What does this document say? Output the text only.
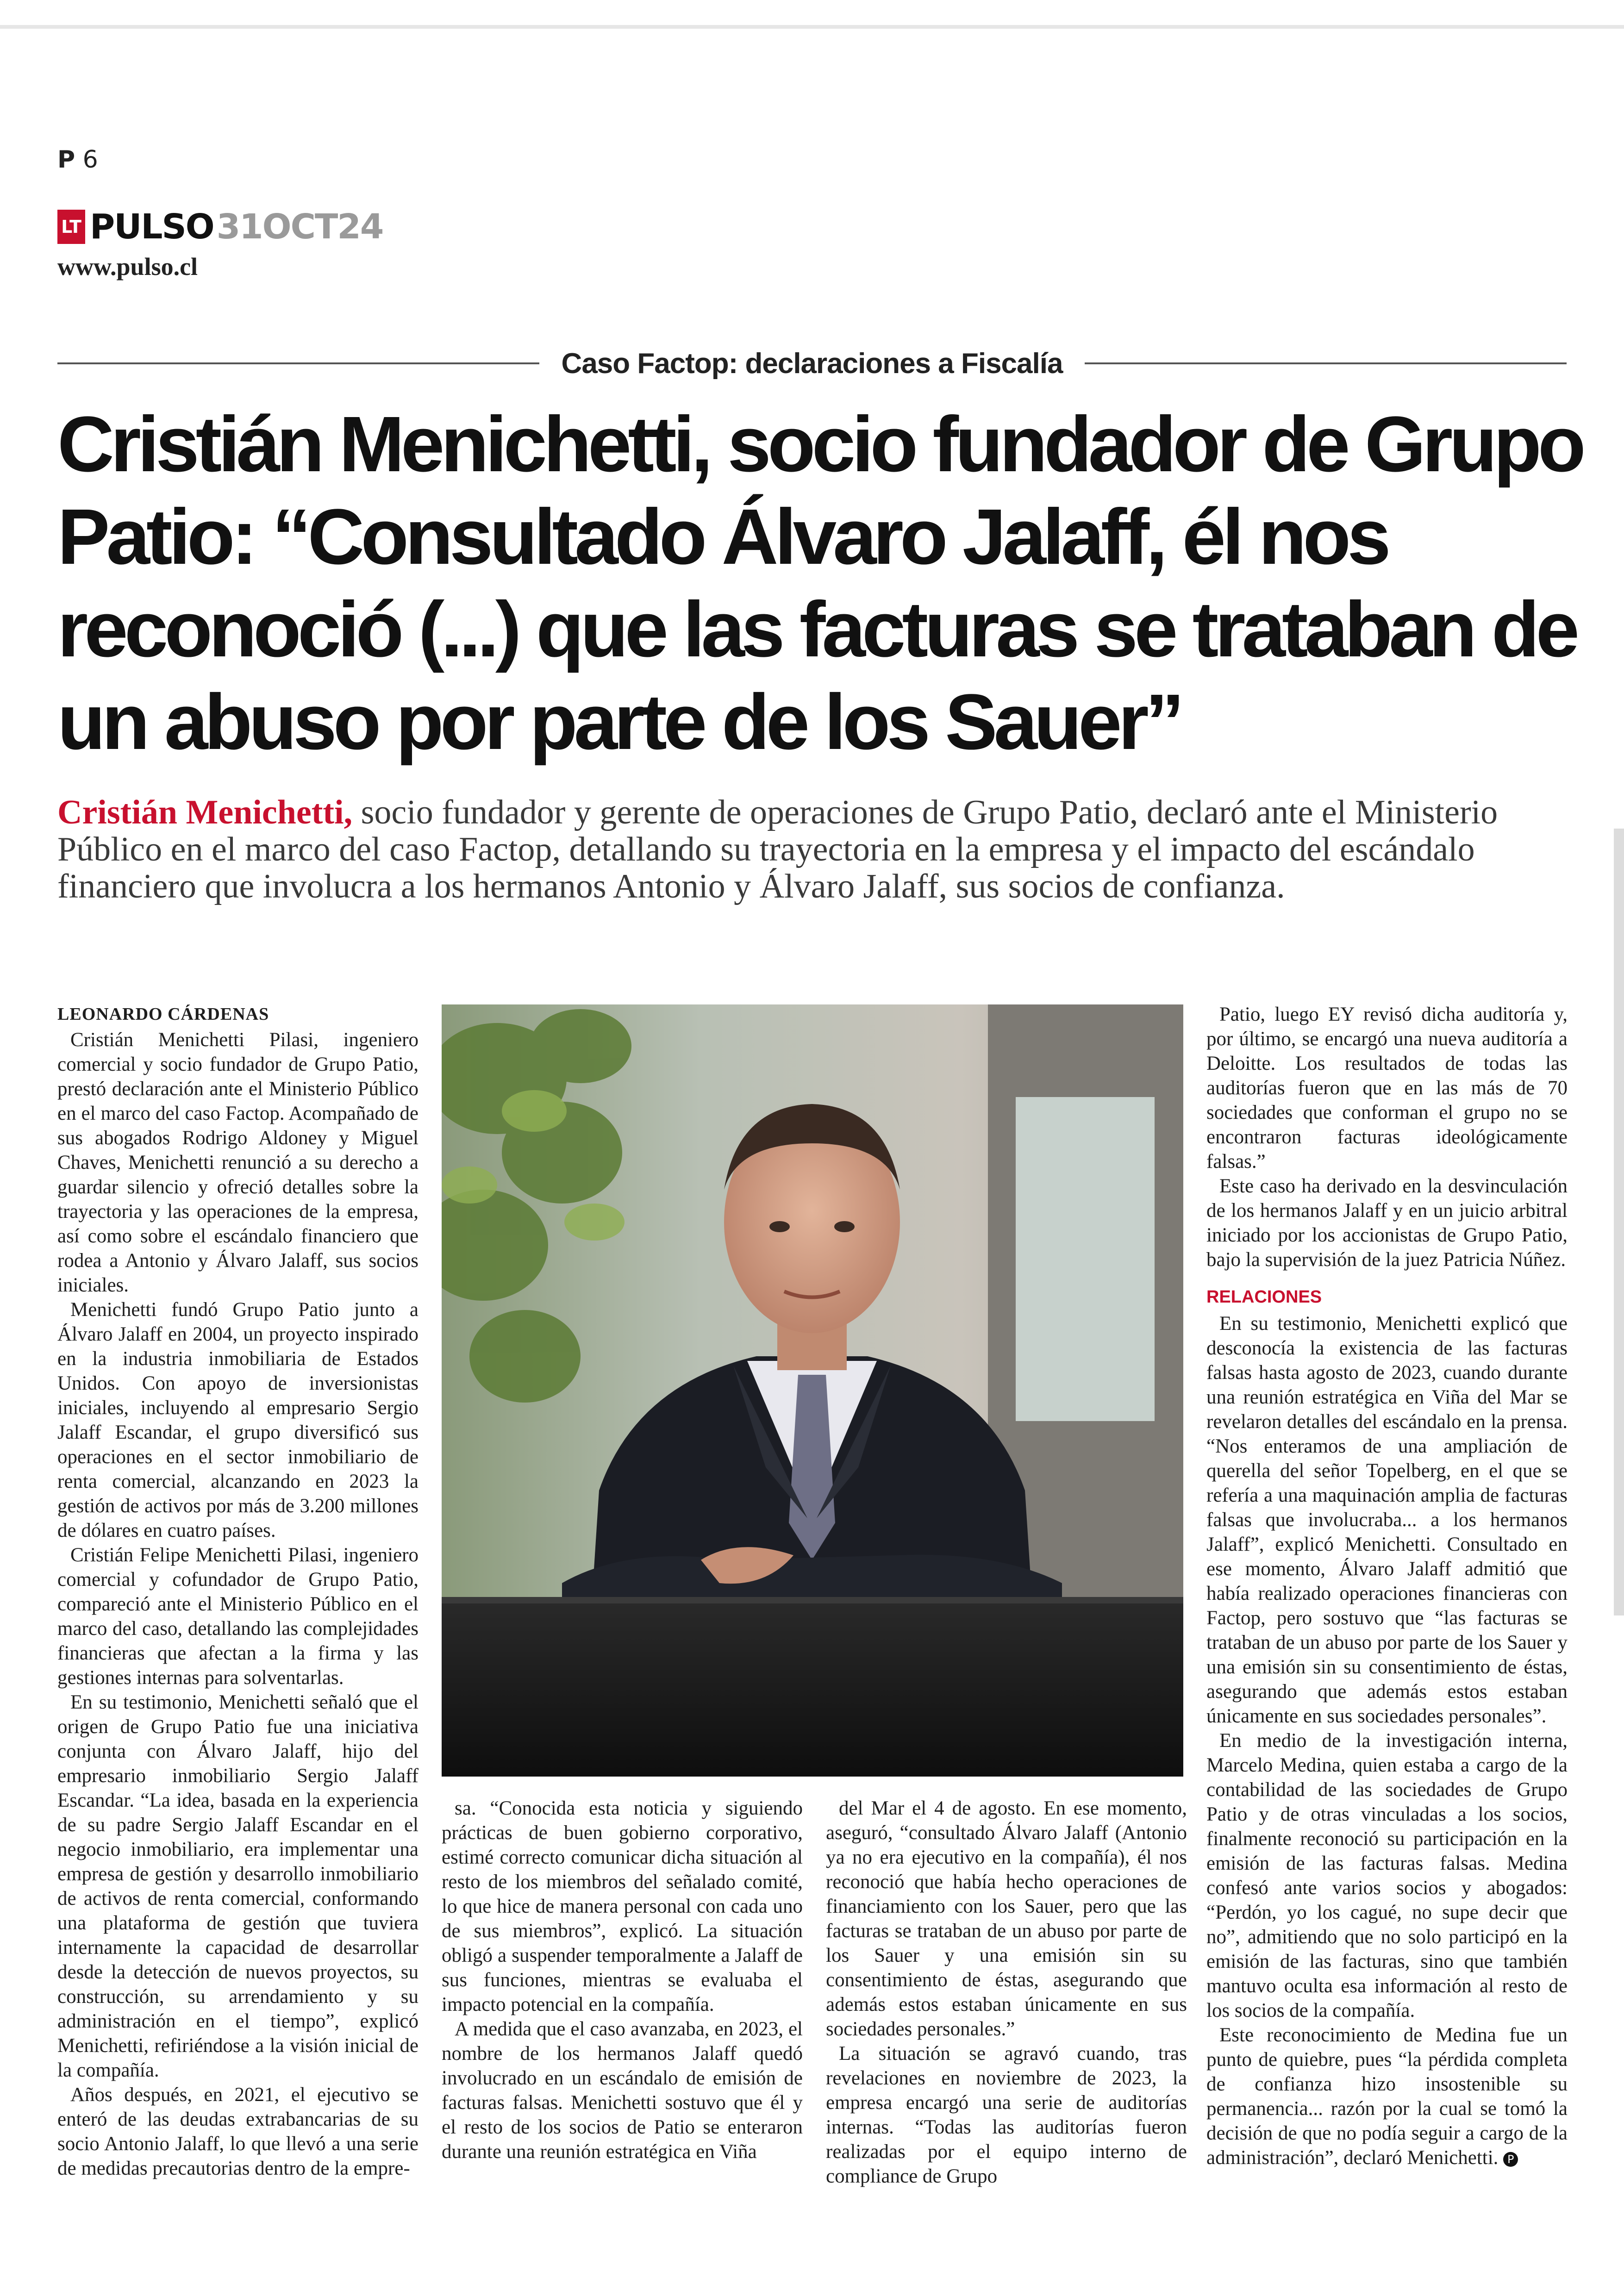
P 6
LT PULSO 31OCT24
www.pulso.cl
Caso Factop: declaraciones a Fiscalía
Cristián Menichetti, socio fundador de Grupo Patio: “Consultado Álvaro Jalaff, él nos reconoció (...) que las facturas se trataban de un abuso por parte de los Sauer”

Cristián Menichetti, socio fundador y gerente de operaciones de Grupo Patio, declaró ante el Ministerio Público en el marco del caso Factop, detallando su trayectoria en la empresa y el impacto del escándalo financiero que involucra a los hermanos Antonio y Álvaro Jalaff, sus socios de confianza.

LEONARDO CÁRDENAS

Cristián Menichetti Pilasi, ingeniero comercial y socio fundador de Grupo Patio, prestó declaración ante el Ministerio Público en el marco del caso Factop. Acompañado de sus abogados Rodrigo Aldoney y Miguel Chaves, Menichetti renunció a su derecho a guardar silencio y ofreció detalles sobre la trayectoria y las operaciones de la empresa, así como sobre el escándalo financiero que rodea a Antonio y Álvaro Jalaff, sus socios iniciales.

Menichetti fundó Grupo Patio junto a Álvaro Jalaff en 2004, un proyecto inspirado en la industria inmobiliaria de Estados Unidos. Con apoyo de inversionistas iniciales, incluyendo al empresario Sergio Jalaff Escandar, el grupo diversificó sus operaciones en el sector inmobiliario de renta comercial, alcanzando en 2023 la gestión de activos por más de 3.200 millones de dólares en cuatro países.

Cristián Felipe Menichetti Pilasi, ingeniero comercial y cofundador de Grupo Patio, compareció ante el Ministerio Público en el marco del caso, detallando las complejidades financieras que afectan a la firma y las gestiones internas para solventarlas.

En su testimonio, Menichetti señaló que el origen de Grupo Patio fue una iniciativa conjunta con Álvaro Jalaff, hijo del empresario inmobiliario Sergio Jalaff Escandar. “La idea, basada en la experiencia de su padre Sergio Jalaff Escandar en el negocio inmobiliario, era implementar una empresa de gestión y desarrollo inmobiliario de activos de renta comercial, conformando una plataforma de gestión que tuviera internamente la capacidad de desarrollar desde la detección de nuevos proyectos, su construcción, su arrendamiento y su administración en el tiempo”, explicó Menichetti, refiriéndose a la visión inicial de la compañía.

Años después, en 2021, el ejecutivo se enteró de las deudas extrabancarias de su socio Antonio Jalaff, lo que llevó a una serie de medidas precautorias dentro de la empre-

sa. “Conocida esta noticia y siguiendo prácticas de buen gobierno corporativo, estimé correcto comunicar dicha situación al resto de los miembros del señalado comité, lo que hice de manera personal con cada uno de sus miembros”, explicó. La situación obligó a suspender temporalmente a Jalaff de sus funciones, mientras se evaluaba el impacto potencial en la compañía.

A medida que el caso avanzaba, en 2023, el nombre de los hermanos Jalaff quedó involucrado en un escándalo de emisión de facturas falsas. Menichetti sostuvo que él y el resto de los socios de Patio se enteraron durante una reunión estratégica en Viña

del Mar el 4 de agosto. En ese momento, aseguró, “consultado Álvaro Jalaff (Antonio ya no era ejecutivo en la compañía), él nos reconoció que había hecho operaciones de financiamiento con los Sauer, pero que las facturas se trataban de un abuso por parte de los Sauer y una emisión sin su consentimiento de éstas, asegurando que además estos estaban únicamente en sus sociedades personales.”

La situación se agravó cuando, tras revelaciones en noviembre de 2023, la empresa encargó una serie de auditorías internas. “Todas las auditorías fueron realizadas por el equipo interno de compliance de Grupo

Patio, luego EY revisó dicha auditoría y, por último, se encargó una nueva auditoría a Deloitte. Los resultados de todas las auditorías fueron que en las más de 70 sociedades que conforman el grupo no se encontraron facturas ideológicamente falsas.”

Este caso ha derivado en la desvinculación de los hermanos Jalaff y en un juicio arbitral iniciado por los accionistas de Grupo Patio, bajo la supervisión de la juez Patricia Núñez.

RELACIONES

En su testimonio, Menichetti explicó que desconocía la existencia de las facturas falsas hasta agosto de 2023, cuando durante una reunión estratégica en Viña del Mar se revelaron detalles del escándalo en la prensa. “Nos enteramos de una ampliación de querella del señor Topelberg, en el que se refería a una maquinación amplia de facturas falsas que involucraba... a los hermanos Jalaff”, explicó Menichetti. Consultado en ese momento, Álvaro Jalaff admitió que había realizado operaciones financieras con Factop, pero sostuvo que “las facturas se trataban de un abuso por parte de los Sauer y una emisión sin su consentimiento de éstas, asegurando que además estos estaban únicamente en sus sociedades personales”.

En medio de la investigación interna, Marcelo Medina, quien estaba a cargo de la contabilidad de las sociedades de Grupo Patio y de otras vinculadas a los socios, finalmente reconoció su participación en la emisión de las facturas falsas. Medina confesó ante varios socios y abogados: “Perdón, yo los cagué, no supe decir que no”, admitiendo que no solo participó en la emisión de las facturas, sino que también mantuvo oculta esa información al resto de los socios de la compañía.

Este reconocimiento de Medina fue un punto de quiebre, pues “la pérdida completa de confianza hizo insostenible su permanencia... razón por la cual se tomó la decisión de que no podía seguir a cargo de la administración”, declaró Menichetti. P
